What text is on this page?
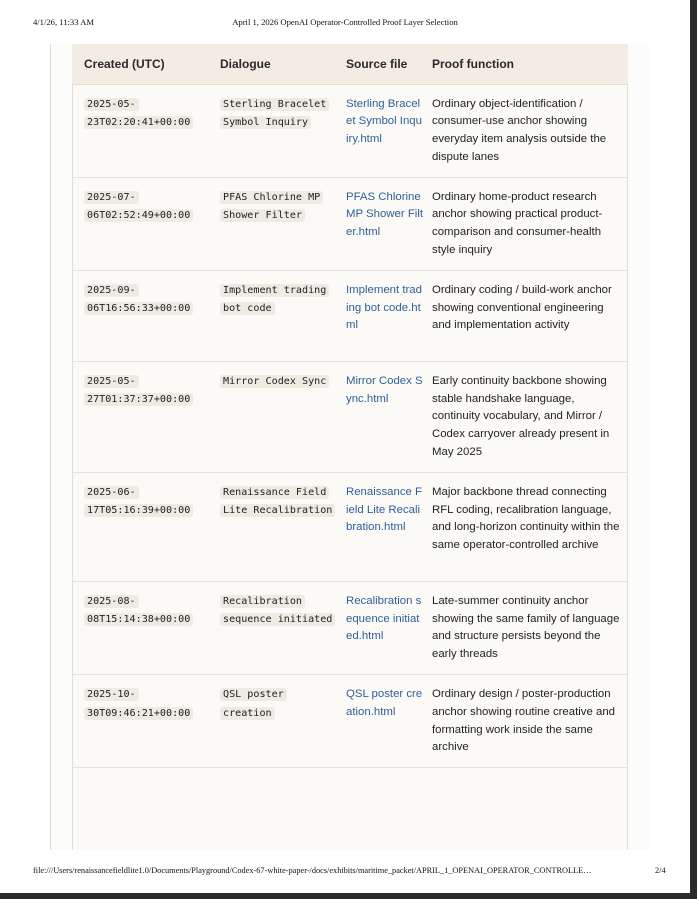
4/1/26, 11:33 AM	April 1, 2026 OpenAI Operator-Controlled Proof Layer Selection
Created (UTC)	Dialogue	Source file	Proof function
2025-05-23T02:20:41+00:00	Sterling Bracelet Symbol Inquiry	Sterling Bracelet Symbol Inquiry.html	Ordinary object-identification / consumer-use anchor showing everyday item analysis outside the dispute lanes
2025-07-06T02:52:49+00:00	PFAS Chlorine MP Shower Filter	PFAS Chlorine MP Shower Filter.html	Ordinary home-product research anchor showing practical product-comparison and consumer-health style inquiry
2025-09-06T16:56:33+00:00	Implement trading bot code	Implement trading bot code.html	Ordinary coding / build-work anchor showing conventional engineering and implementation activity
2025-05-27T01:37:37+00:00	Mirror Codex Sync	Mirror Codex Sync.html	Early continuity backbone showing stable handshake language, continuity vocabulary, and Mirror / Codex carryover already present in May 2025
2025-06-17T05:16:39+00:00	Renaissance Field Lite Recalibration	Renaissance Field Lite Recalibration.html	Major backbone thread connecting RFL coding, recalibration language, and long-horizon continuity within the same operator-controlled archive
2025-08-08T15:14:38+00:00	Recalibration sequence initiated	Recalibration sequence initiated.html	Late-summer continuity anchor showing the same family of language and structure persists beyond the early threads
2025-10-30T09:46:21+00:00	QSL poster creation	QSL poster creation.html	Ordinary design / poster-production anchor showing routine creative and formatting work inside the same archive
file:///Users/renaissancefieldlite1.0/Documents/Playground/Codex-67-white-paper-/docs/exhibits/maritime_packet/APRIL_1_OPENAI_OPERATOR_CONTROLLE…	2/4
